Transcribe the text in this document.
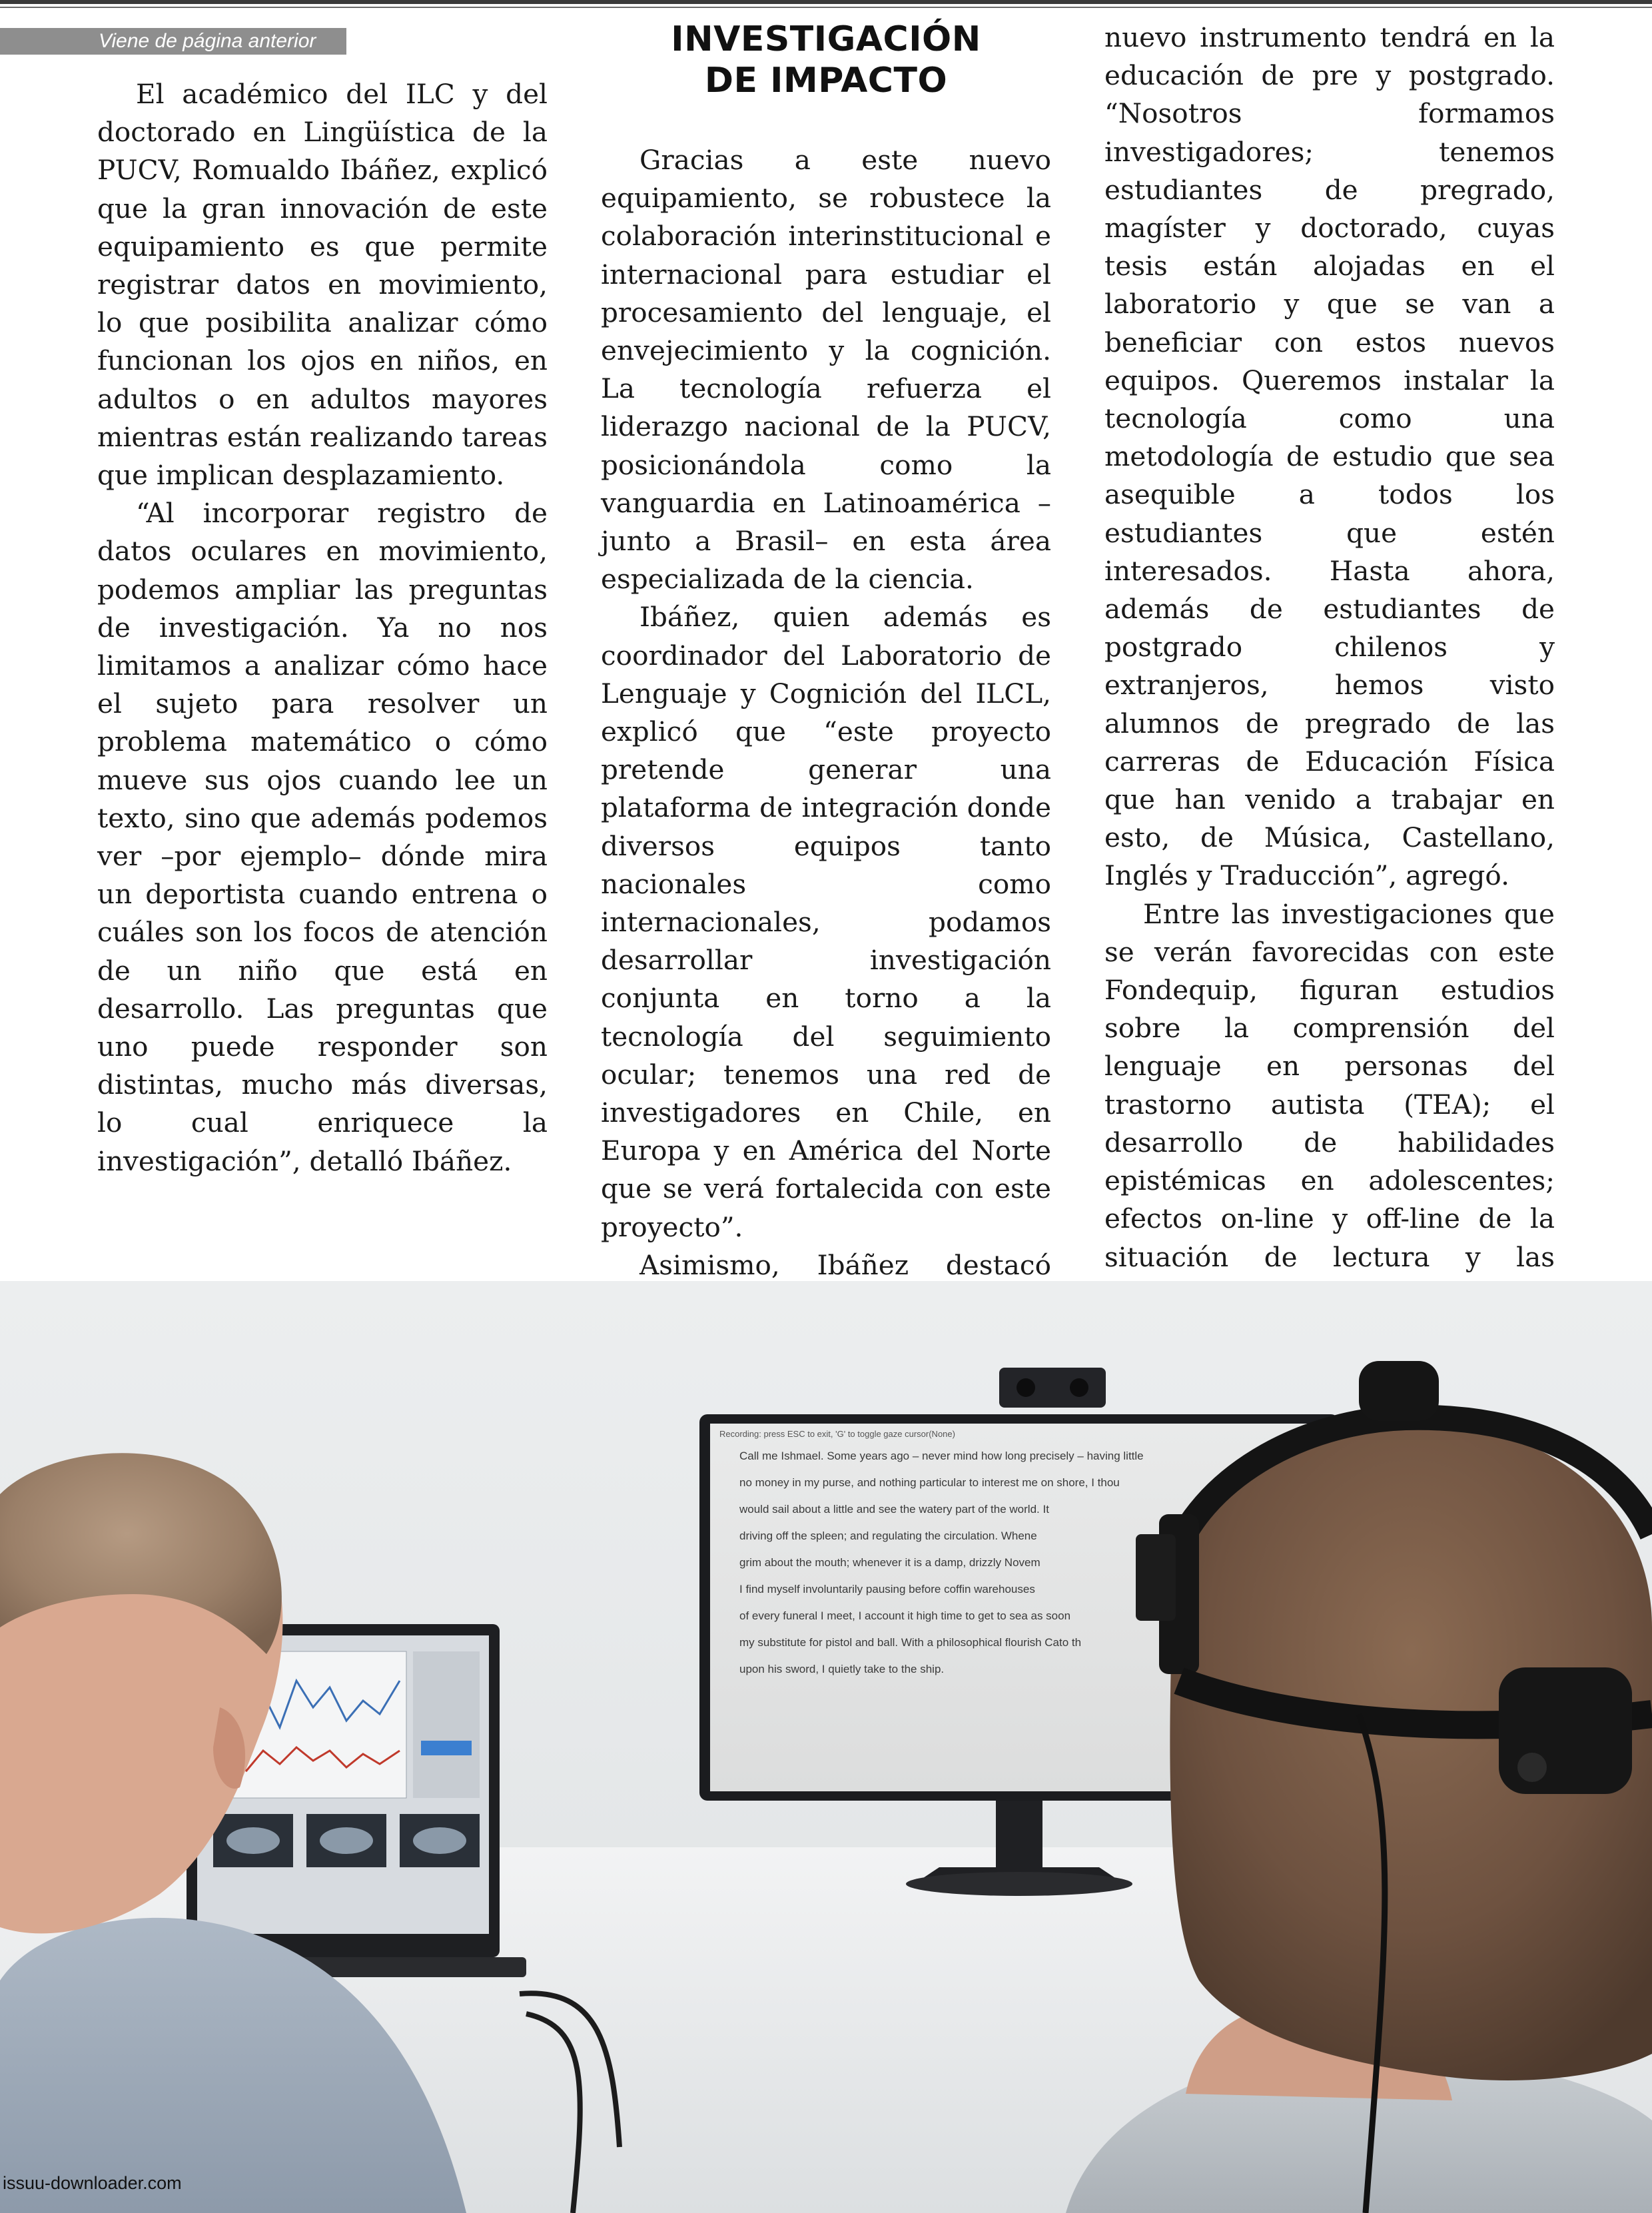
Viene de página anterior

El académico del ILC y del doctorado en Lingüística de la PUCV, Romualdo Ibáñez, explicó que la gran innovación de este equipamiento es que permite registrar datos en movimiento, lo que posibilita analizar cómo funcionan los ojos en niños, en adultos o en adultos mayores mientras están realizando tareas que implican desplazamiento.

“Al incorporar registro de datos oculares en movimiento, podemos ampliar las preguntas de investigación. Ya no nos limitamos a analizar cómo hace el sujeto para resolver un problema matemático o cómo mueve sus ojos cuando lee un texto, sino que además podemos ver –por ejemplo– dónde mira un deportista cuando entrena o cuáles son los focos de atención de un niño que está en desarrollo. Las preguntas que uno puede responder son distintas, mucho más diversas, lo cual enriquece la investigación”, detalló Ibáñez.

INVESTIGACIÓN
DE IMPACTO

Gracias a este nuevo equipamiento, se robustece la colaboración interinstitucional e internacional para estudiar el procesamiento del lenguaje, el envejecimiento y la cognición. La tecnología refuerza el liderazgo nacional de la PUCV, posicionándola como la vanguardia en Latinoamérica –junto a Brasil– en esta área especializada de la ciencia.

Ibáñez, quien además es coordinador del Laboratorio de Lenguaje y Cognición del ILCL, explicó que “este proyecto pretende generar una plataforma de integración donde diversos equipos tanto nacionales como internacionales, podamos desarrollar investigación conjunta en torno a la tecnología del seguimiento ocular; tenemos una red de investigadores en Chile, en Europa y en América del Norte que se verá fortalecida con este proyecto”.

Asimismo, Ibáñez destacó

nuevo instrumento tendrá en la educación de pre y postgrado. “Nosotros formamos investigadores; tenemos estudiantes de pregrado, magíster y doctorado, cuyas tesis están alojadas en el laboratorio y que se van a beneficiar con estos nuevos equipos. Queremos instalar la tecnología como una metodología de estudio que sea asequible a todos los estudiantes que estén interesados. Hasta ahora, además de estudiantes de postgrado chilenos y extranjeros, hemos visto alumnos de pregrado de las carreras de Educación Física que han venido a trabajar en esto, de Música, Castellano, Inglés y Traducción”, agregó.

Entre las investigaciones que se verán favorecidas con este Fondequip, figuran estudios sobre la comprensión del lenguaje en personas del trastorno autista (TEA); el desarrollo de habilidades epistémicas en adolescentes; efectos on-line y off-line de la situación de lectura y las

Recording: press ESC to exit, 'G' to toggle gaze cursor(None)
Call me Ishmael. Some years ago – never mind how long precisely – having little
no money in my purse, and nothing particular to interest me on shore, I thou
would sail about a little and see the watery part of the world. It
driving off the spleen; and regulating the circulation. Whene
grim about the mouth; whenever it is a damp, drizzly Novem
I find myself involuntarily pausing before coffin warehouses
of every funeral I meet, I account it high time to get to sea as soon
my substitute for pistol and ball. With a philosophical flourish Cato th
upon his sword, I quietly take to the ship.
issuu-downloader.com
